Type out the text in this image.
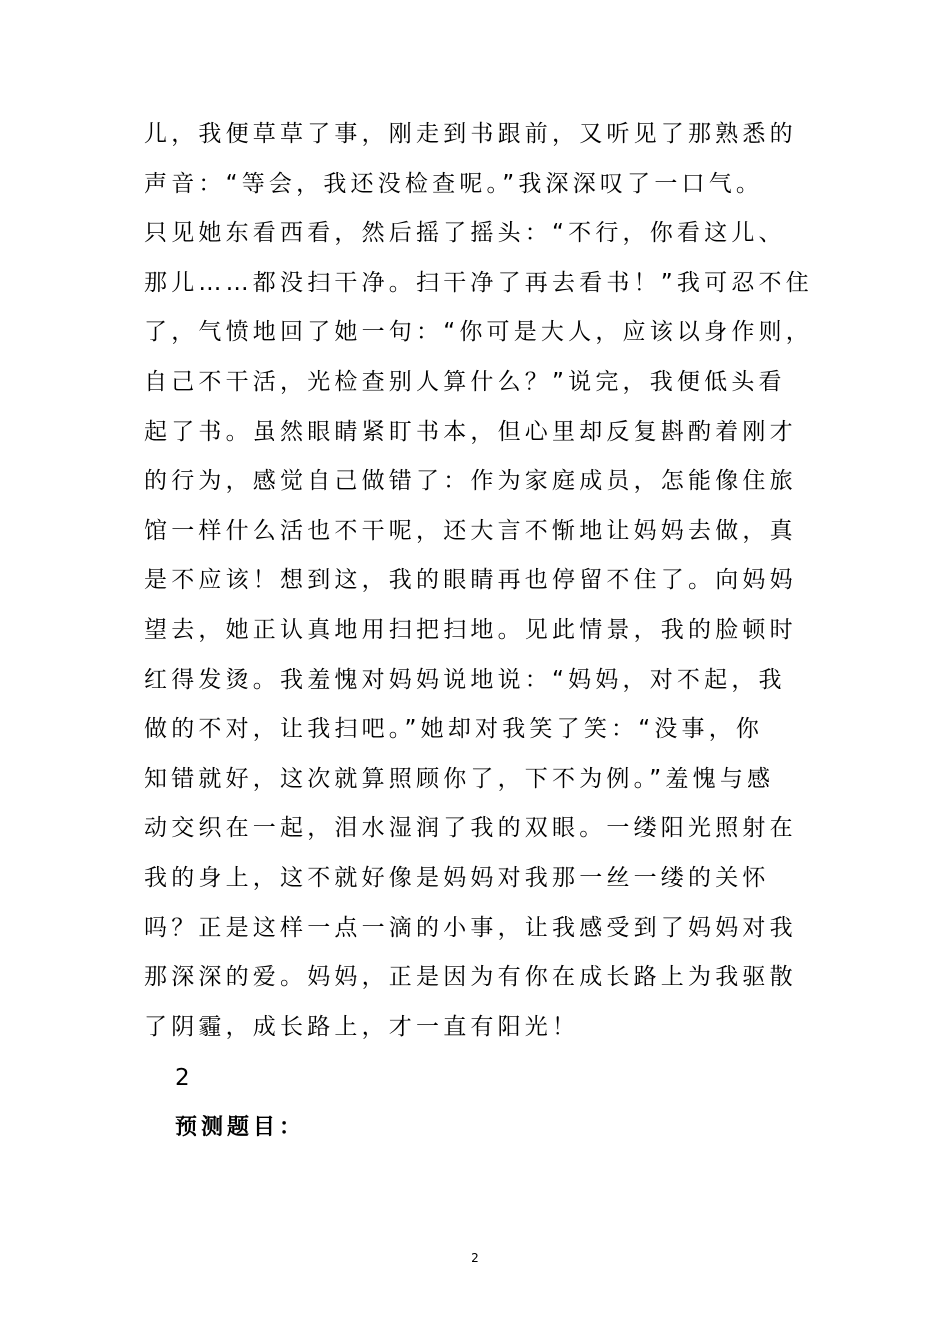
儿，我便草草了事，刚走到书跟前，又听见了那熟悉的
声音：“等会，我还没检查呢。”我深深叹了一口气。
只见她东看西看，然后摇了摇头：“不行，你看这儿、
那儿……都没扫干净。扫干净了再去看书！”我可忍不住
了，气愤地回了她一句：“你可是大人，应该以身作则，
自己不干活，光检查别人算什么？”说完，我便低头看
起了书。虽然眼睛紧盯书本，但心里却反复斟酌着刚才
的行为，感觉自己做错了：作为家庭成员，怎能像住旅
馆一样什么活也不干呢，还大言不惭地让妈妈去做，真
是不应该！想到这，我的眼睛再也停留不住了。向妈妈
望去，她正认真地用扫把扫地。见此情景，我的脸顿时
红得发烫。我羞愧对妈妈说地说：“妈妈，对不起，我
做的不对，让我扫吧。”她却对我笑了笑：“没事，你
知错就好，这次就算照顾你了，下不为例。”羞愧与感
动交织在一起，泪水湿润了我的双眼。一缕阳光照射在
我的身上，这不就好像是妈妈对我那一丝一缕的关怀
吗？正是这样一点一滴的小事，让我感受到了妈妈对我
那深深的爱。妈妈，正是因为有你在成长路上为我驱散
了阴霾，成长路上，才一直有阳光！

2

预测题目：

2
